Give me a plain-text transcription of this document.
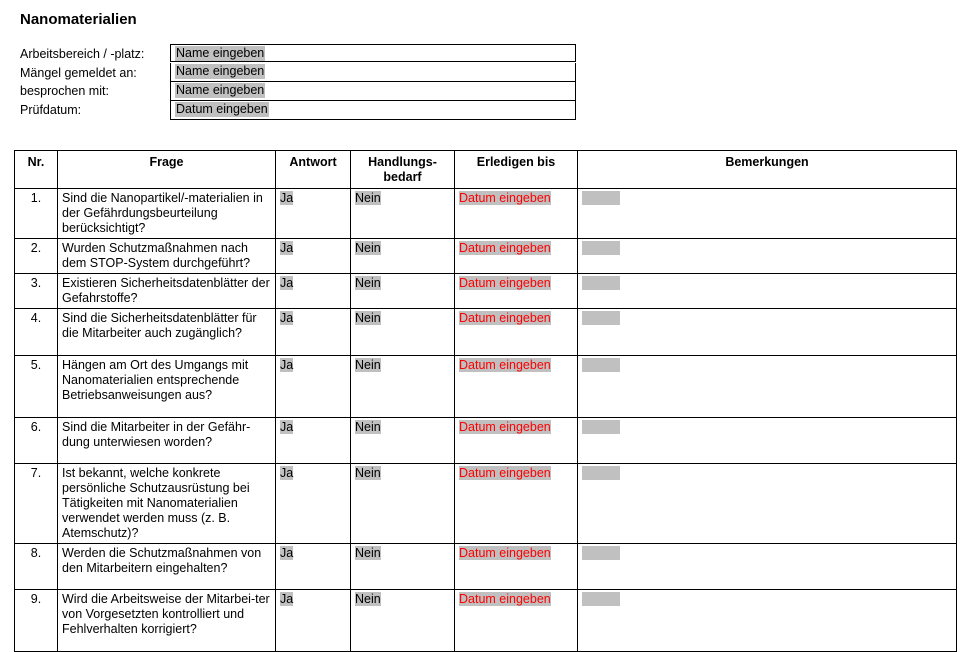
Nanomaterialien
Arbeitsbereich / -platz:	Name eingeben
Mängel gemeldet an:	Name eingeben
besprochen mit:	Name eingeben
Prüfdatum:	Datum eingeben
Nr.	Frage	Antwort	Handlungs-
bedarf	Erledigen bis	Bemerkungen
1.	Sind die Nanopartikel/-materialien in der Gefährdungsbeurteilung berücksichtigt?	Ja	Nein	Datum eingeben	
2.	Wurden Schutzmaßnahmen nach dem STOP-System durchgeführt?	Ja	Nein	Datum eingeben	
3.	Existieren Sicherheitsdatenblätter der Gefahrstoffe?	Ja	Nein	Datum eingeben	
4.	Sind die Sicherheitsdatenblätter für die Mitarbeiter auch zugänglich?	Ja	Nein	Datum eingeben	
5.	Hängen am Ort des Umgangs mit Nanomaterialien entsprechende Betriebsanweisungen aus?	Ja	Nein	Datum eingeben	
6.	Sind die Mitarbeiter in der Gefähr-dung unterwiesen worden?	Ja	Nein	Datum eingeben	
7.	Ist bekannt, welche konkrete persönliche Schutzausrüstung bei Tätigkeiten mit Nanomaterialien verwendet werden muss (z. B. Atemschutz)?	Ja	Nein	Datum eingeben	
8.	Werden die Schutzmaßnahmen von den Mitarbeitern eingehalten?	Ja	Nein	Datum eingeben	
9.	Wird die Arbeitsweise der Mitarbei-ter von Vorgesetzten kontrolliert und Fehlverhalten korrigiert?	Ja	Nein	Datum eingeben	
